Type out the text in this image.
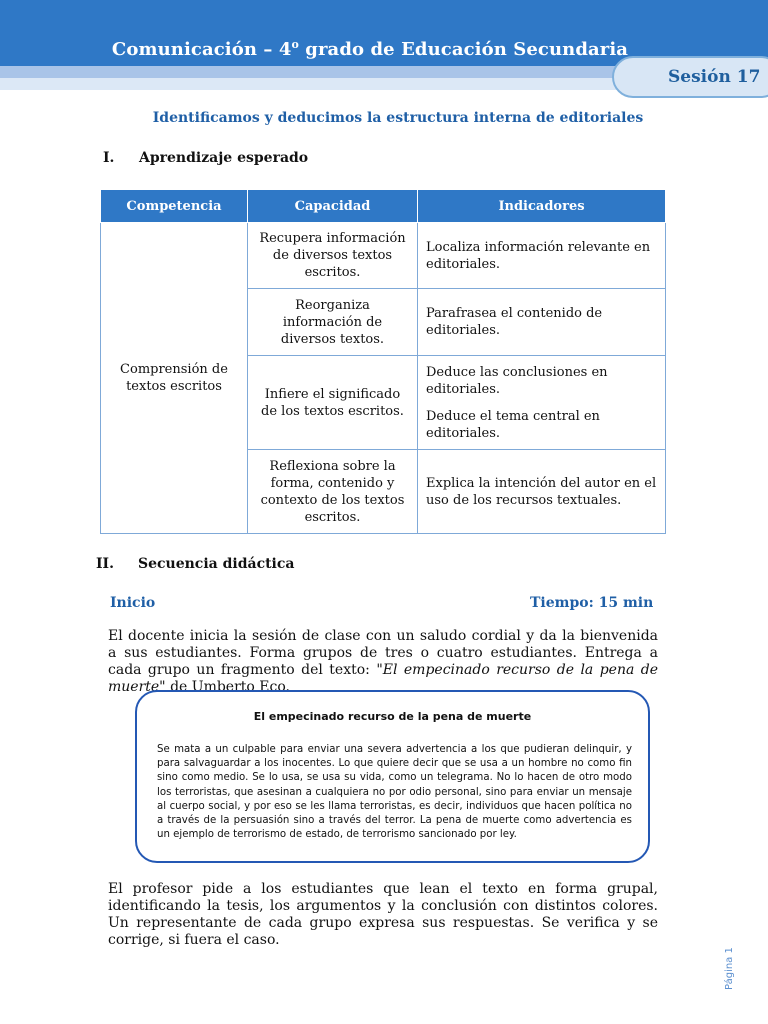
Comunicación – 4$^o$ grado de Educación Secundaria
Sesión 17
Identificamos y deducimos la estructura interna de editoriales
I. Aprendizaje esperado
Competencia	Capacidad	Indicadores
Comprensión de textos escritos	Recupera información de diversos textos escritos.	Localiza información relevante en editoriales.

	Reorganiza información de diversos textos.	Parafrasea el contenido de editoriales.

	Infiere el significado de los textos escritos.	Deduce las conclusiones en editoriales.

Deduce el tema central en editoriales.

	Reflexiona sobre la forma, contenido y contexto de los textos escritos.	Explica la intención del autor en el uso de los recursos textuales.

II. Secuencia didáctica
Inicio	Tiempo: 15 min
El docente inicia la sesión de clase con un saludo cordial y da la bienvenida a sus estudiantes. Forma grupos de tres o cuatro estudiantes. Entrega a cada grupo un fragmento del texto: "El empecinado recurso de la pena de muerte" de Umberto Eco.
El empecinado recurso de la pena de muerte
Se mata a un culpable para enviar una severa advertencia a los que pudieran delinquir, y para salvaguardar a los inocentes. Lo que quiere decir que se usa a un hombre no como fin sino como medio. Se lo usa, se usa su vida, como un telegrama. No lo hacen de otro modo los terroristas, que asesinan a cualquiera no por odio personal, sino para enviar un mensaje al cuerpo social, y por eso se les llama terroristas, es decir, individuos que hacen política no a través de la persuasión sino a través del terror. La pena de muerte como advertencia es un ejemplo de terrorismo de estado, de terrorismo sancionado por ley.
El profesor pide a los estudiantes que lean el texto en forma grupal, identificando la tesis, los argumentos y la conclusión con distintos colores. Un representante de cada grupo expresa sus respuestas. Se verifica y se corrige, si fuera el caso.
Página 1
